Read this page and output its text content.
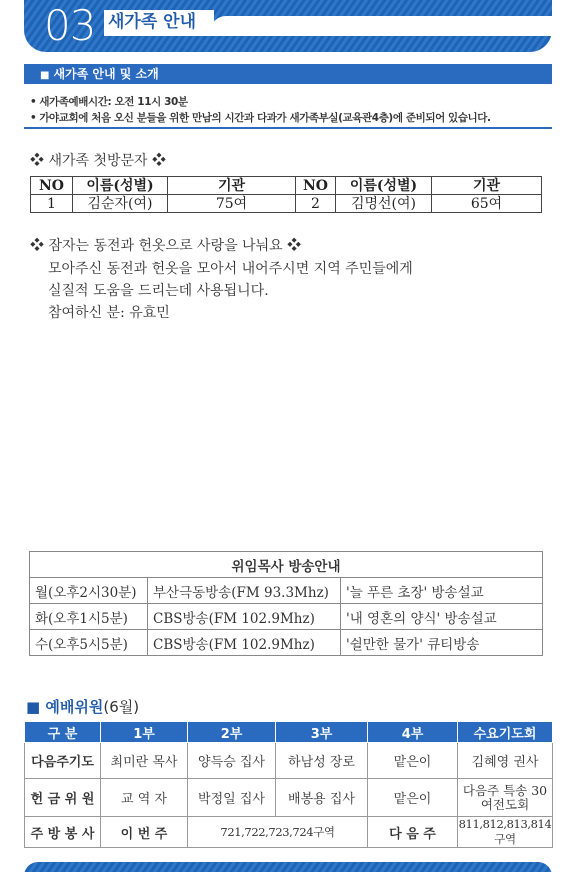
03 새가족 안내
■ 새가족 안내 및 소개
• 새가족예배시간: 오전 11시 30분
• 가야교회에 처음 오신 분들을 위한 만남의 시간과 다과가 새가족부실(교육관4층)에 준비되어 있습니다.
❖ 새가족 첫방문자 ❖
NO	이름(성별)	기관	NO	이름(성별)	기관
1	김순자(여)	75여	2	김명선(여)	65여
❖ 잠자는 동전과 헌옷으로 사랑을 나눠요 ❖
모아주신 동전과 헌옷을 모아서 내어주시면 지역 주민들에게
실질적 도움을 드리는데 사용됩니다.
참여하신 분: 유효민
위임목사 방송안내		
월(오후2시30분)	부산극동방송(FM 93.3Mhz)	'늘 푸른 초장' 방송설교
화(오후1시5분)	CBS방송(FM 102.9Mhz)	'내 영혼의 양식' 방송설교
수(오후5시5분)	CBS방송(FM 102.9Mhz)	'쉴만한 물가' 큐티방송
■ 예배위원(6월)
구 분	1부	2부	3부	4부	수요기도회
다음주기도	최미란 목사	양득승 집사	하남성 장로	맡은이	김혜영 권사
헌 금 위 원	교 역 자	박정일 집사	배봉용 집사	맡은이	다음주 특송 30여전도회
주 방 봉 사	이 번 주	721,722,723,724구역		다 음 주	811,812,813,814구역
